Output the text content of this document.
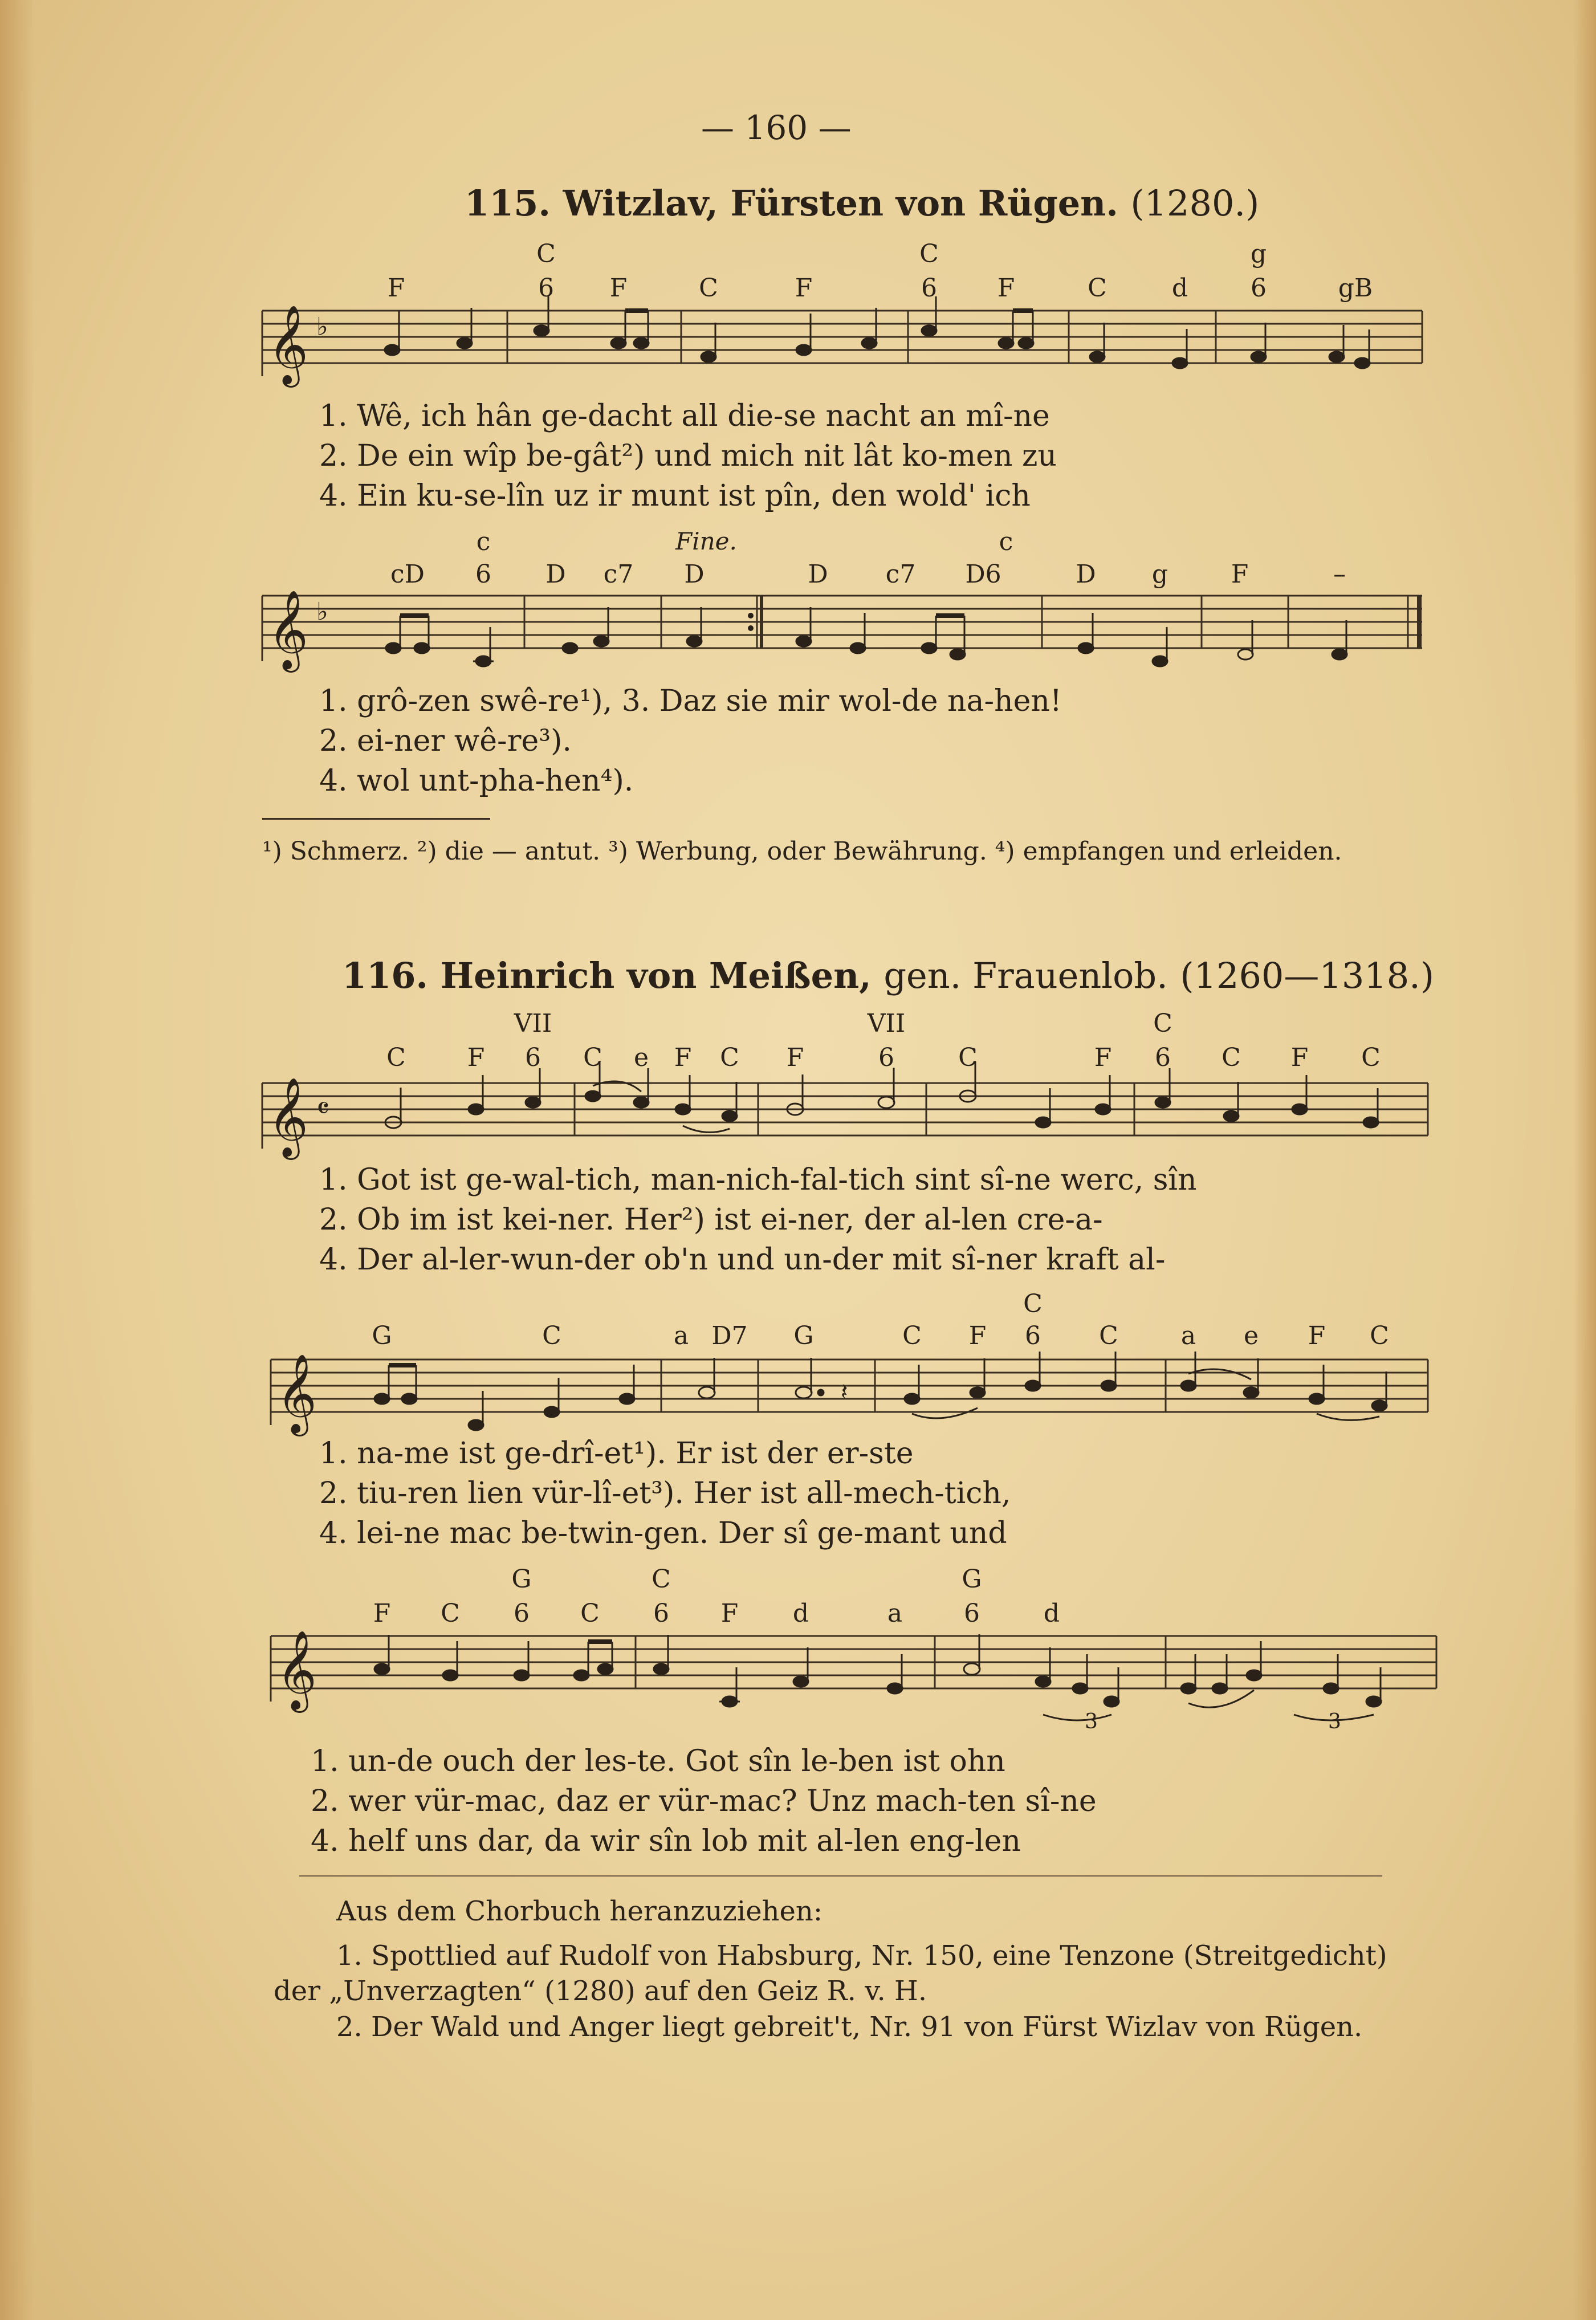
— 160 —
115. Witzlav, Fürsten von Rügen. (1280.)
C	C	g
F	6	F	C	F	6	F	C	d	6	gB
𝄞 ♭
1. Wê, ich hân ge-dacht all die-se nacht an mî-ne
2. De ein wîp be-gât²) und mich nit lât ko-men zu
4. Ein ku-se-lîn uz ir munt ist pîn, den wold' ich
c	c
Fine.
cD	6	D	c7	D	D	c7	D6	D	g	F	–
𝄞 ♭
1. grô-zen swê-re¹), 3. Daz sie mir wol-de na-hen!
2. ei-ner wê-re³).
4. wol unt-pha-hen⁴).
¹) Schmerz. ²) die — antut. ³) Werbung, oder Bewährung. ⁴) empfangen und erleiden.
116. Heinrich von Meißen, gen. Frauenlob. (1260—1318.)
VII	VII	C
C	F	6	C	e	F	C	F	6	C	F	6	C	F	C
𝄞 𝄴
1. Got ist ge-wal-tich, man-nich-fal-tich sint sî-ne werc, sîn
2. Ob im ist kei-ner. Her²) ist ei-ner, der al-len cre-a-
4. Der al-ler-wun-der ob'n und un-der mit sî-ner kraft al-
C
G	C	a D7	G	C	F	6	C	a	e	F	C
𝄞	𝄽
1. na-me ist ge-drî-et¹). Er ist der er-ste
2. tiu-ren lien vür-lî-et³). Her ist all-mech-tich,
4. lei-ne mac be-twin-gen. Der sî ge-mant und
G	C	G
F	C	6	C	6	F	d	a	6	d
𝄞
3	3
1. un-de ouch der les-te. Got sîn le-ben ist ohn
2. wer vür-mac, daz er vür-mac? Unz mach-ten sî-ne
4. helf uns dar, da wir sîn lob mit al-len eng-len
Aus dem Chorbuch heranzuziehen:
1. Spottlied auf Rudolf von Habsburg, Nr. 150, eine Tenzone (Streitgedicht) der „Unverzagten“ (1280) auf den Geiz R. v. H.
2. Der Wald und Anger liegt gebreit't, Nr. 91 von Fürst Wizlav von Rügen.
